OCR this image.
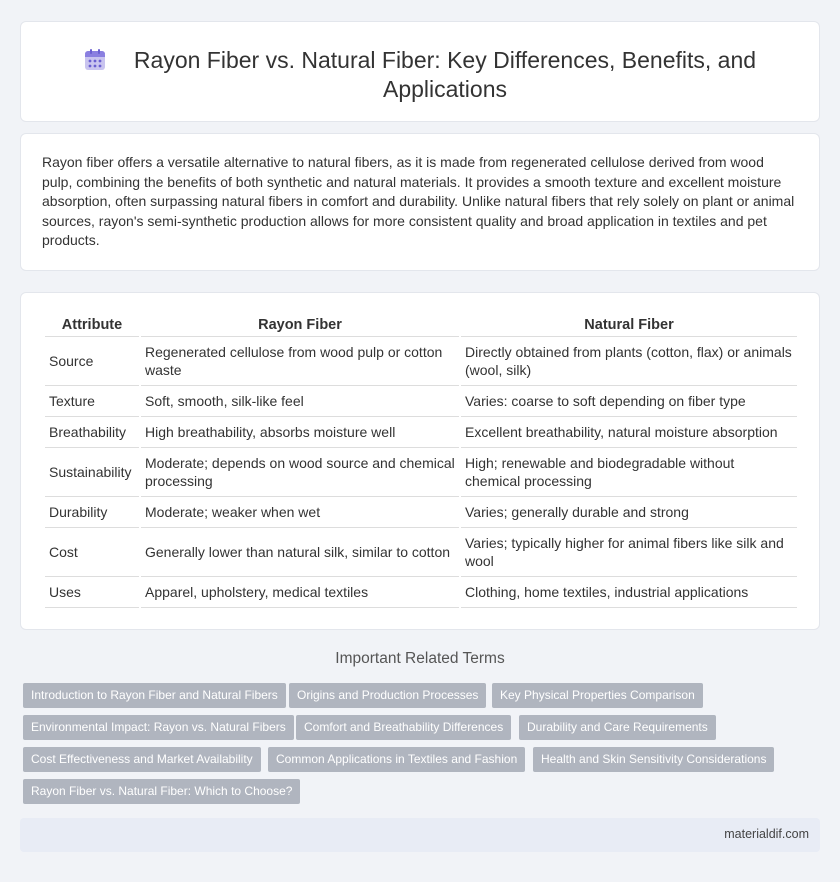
Rayon Fiber vs. Natural Fiber: Key Differences, Benefits, and Applications

Rayon fiber offers a versatile alternative to natural fibers, as it is made from regenerated cellulose derived from wood pulp, combining the benefits of both synthetic and natural materials. It provides a smooth texture and excellent moisture absorption, often surpassing natural fibers in comfort and durability. Unlike natural fibers that rely solely on plant or animal sources, rayon's semi-synthetic production allows for more consistent quality and broad application in textiles and pet products.

Attribute	Rayon Fiber	Natural Fiber
Source	Regenerated cellulose from wood pulp or cotton waste	Directly obtained from plants (cotton, flax) or animals (wool, silk)
Texture	Soft, smooth, silk-like feel	Varies: coarse to soft depending on fiber type
Breathability	High breathability, absorbs moisture well	Excellent breathability, natural moisture absorption
Sustainability	Moderate; depends on wood source and chemical processing	High; renewable and biodegradable without chemical processing
Durability	Moderate; weaker when wet	Varies; generally durable and strong
Cost	Generally lower than natural silk, similar to cotton	Varies; typically higher for animal fibers like silk and wool
Uses	Apparel, upholstery, medical textiles	Clothing, home textiles, industrial applications
Important Related Terms
Introduction to Rayon Fiber and Natural Fibers	Origins and Production Processes	Key Physical Properties Comparison
Environmental Impact: Rayon vs. Natural Fibers	Comfort and Breathability Differences	Durability and Care Requirements
Cost Effectiveness and Market Availability	Common Applications in Textiles and Fashion	Health and Skin Sensitivity Considerations
Rayon Fiber vs. Natural Fiber: Which to Choose?
materialdif.com
